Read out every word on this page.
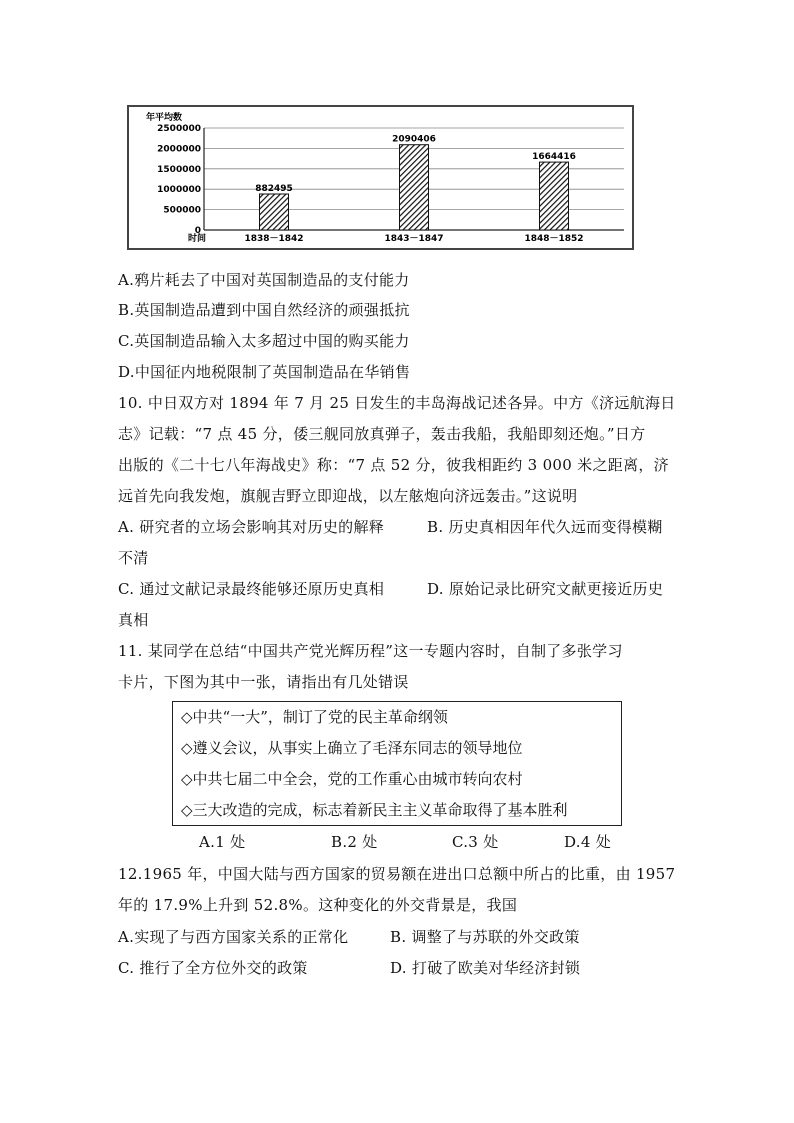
年平均数
时间
0
500000
1000000
1500000
2000000
2500000
1838－1842	1843－1847	1848－1852
882495
2090406
1664416
A.鸦片耗去了中国对英国制造品的支付能力
B.英国制造品遭到中国自然经济的顽强抵抗
C.英国制造品输入太多超过中国的购买能力
D.中国征内地税限制了英国制造品在华销售
10. 中日双方对 1894 年 7 月 25 日发生的丰岛海战记述各异。中方《济远航海日
志》记载：“7 点 45 分，倭三舰同放真弹子，轰击我船，我船即刻还炮。”日方
出版的《二十七八年海战史》称：“7 点 52 分，彼我相距约 3 000 米之距离，济
远首先向我发炮，旗舰吉野立即迎战，以左舷炮向济远轰击。”这说明
A. 研究者的立场会影响其对历史的解释	B. 历史真相因年代久远而变得模糊
不清
C. 通过文献记录最终能够还原历史真相	D. 原始记录比研究文献更接近历史
真相
11. 某同学在总结“中国共产党光辉历程”这一专题内容时，自制了多张学习
卡片，下图为其中一张，请指出有几处错误
◇中共“一大”，制订了党的民主革命纲领
◇遵义会议，从事实上确立了毛泽东同志的领导地位
◇中共七届二中全会，党的工作重心由城市转向农村
◇三大改造的完成，标志着新民主主义革命取得了基本胜利
A.1 处	B.2 处	C.3 处	D.4 处
12.1965 年，中国大陆与西方国家的贸易额在进出口总额中所占的比重，由 1957
年的 17.9%上升到 52.8%。这种变化的外交背景是，我国
A.实现了与西方国家关系的正常化	B. 调整了与苏联的外交政策
C. 推行了全方位外交的政策	D. 打破了欧美对华经济封锁
